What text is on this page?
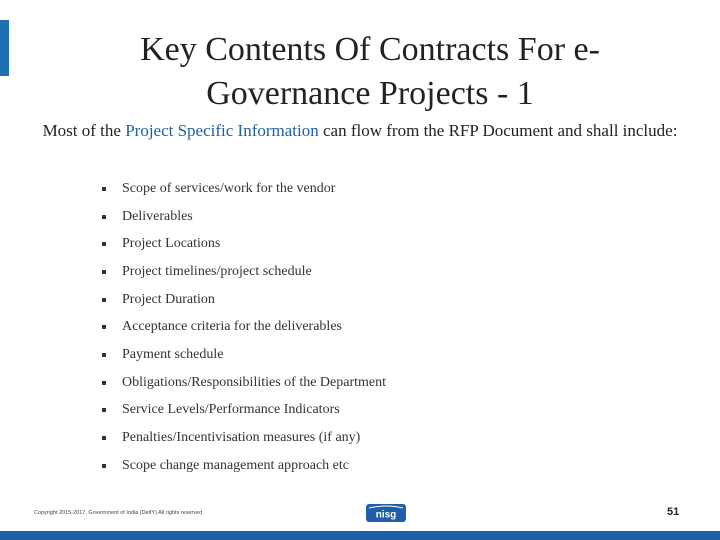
Key Contents Of Contracts For e-
Governance Projects - 1
Most of the Project Specific Information can flow from the RFP Document and shall include:
Scope of services/work for the vendor
Deliverables
Project Locations
Project timelines/project schedule
Project Duration
Acceptance criteria for the deliverables
Payment schedule
Obligations/Responsibilities of the Department
Service Levels/Performance Indicators
Penalties/Incentivisation measures (if any)
Scope change management approach etc
Copyright 2015-2017, Government of India (DeitY) All rights reserved	nisg	51
